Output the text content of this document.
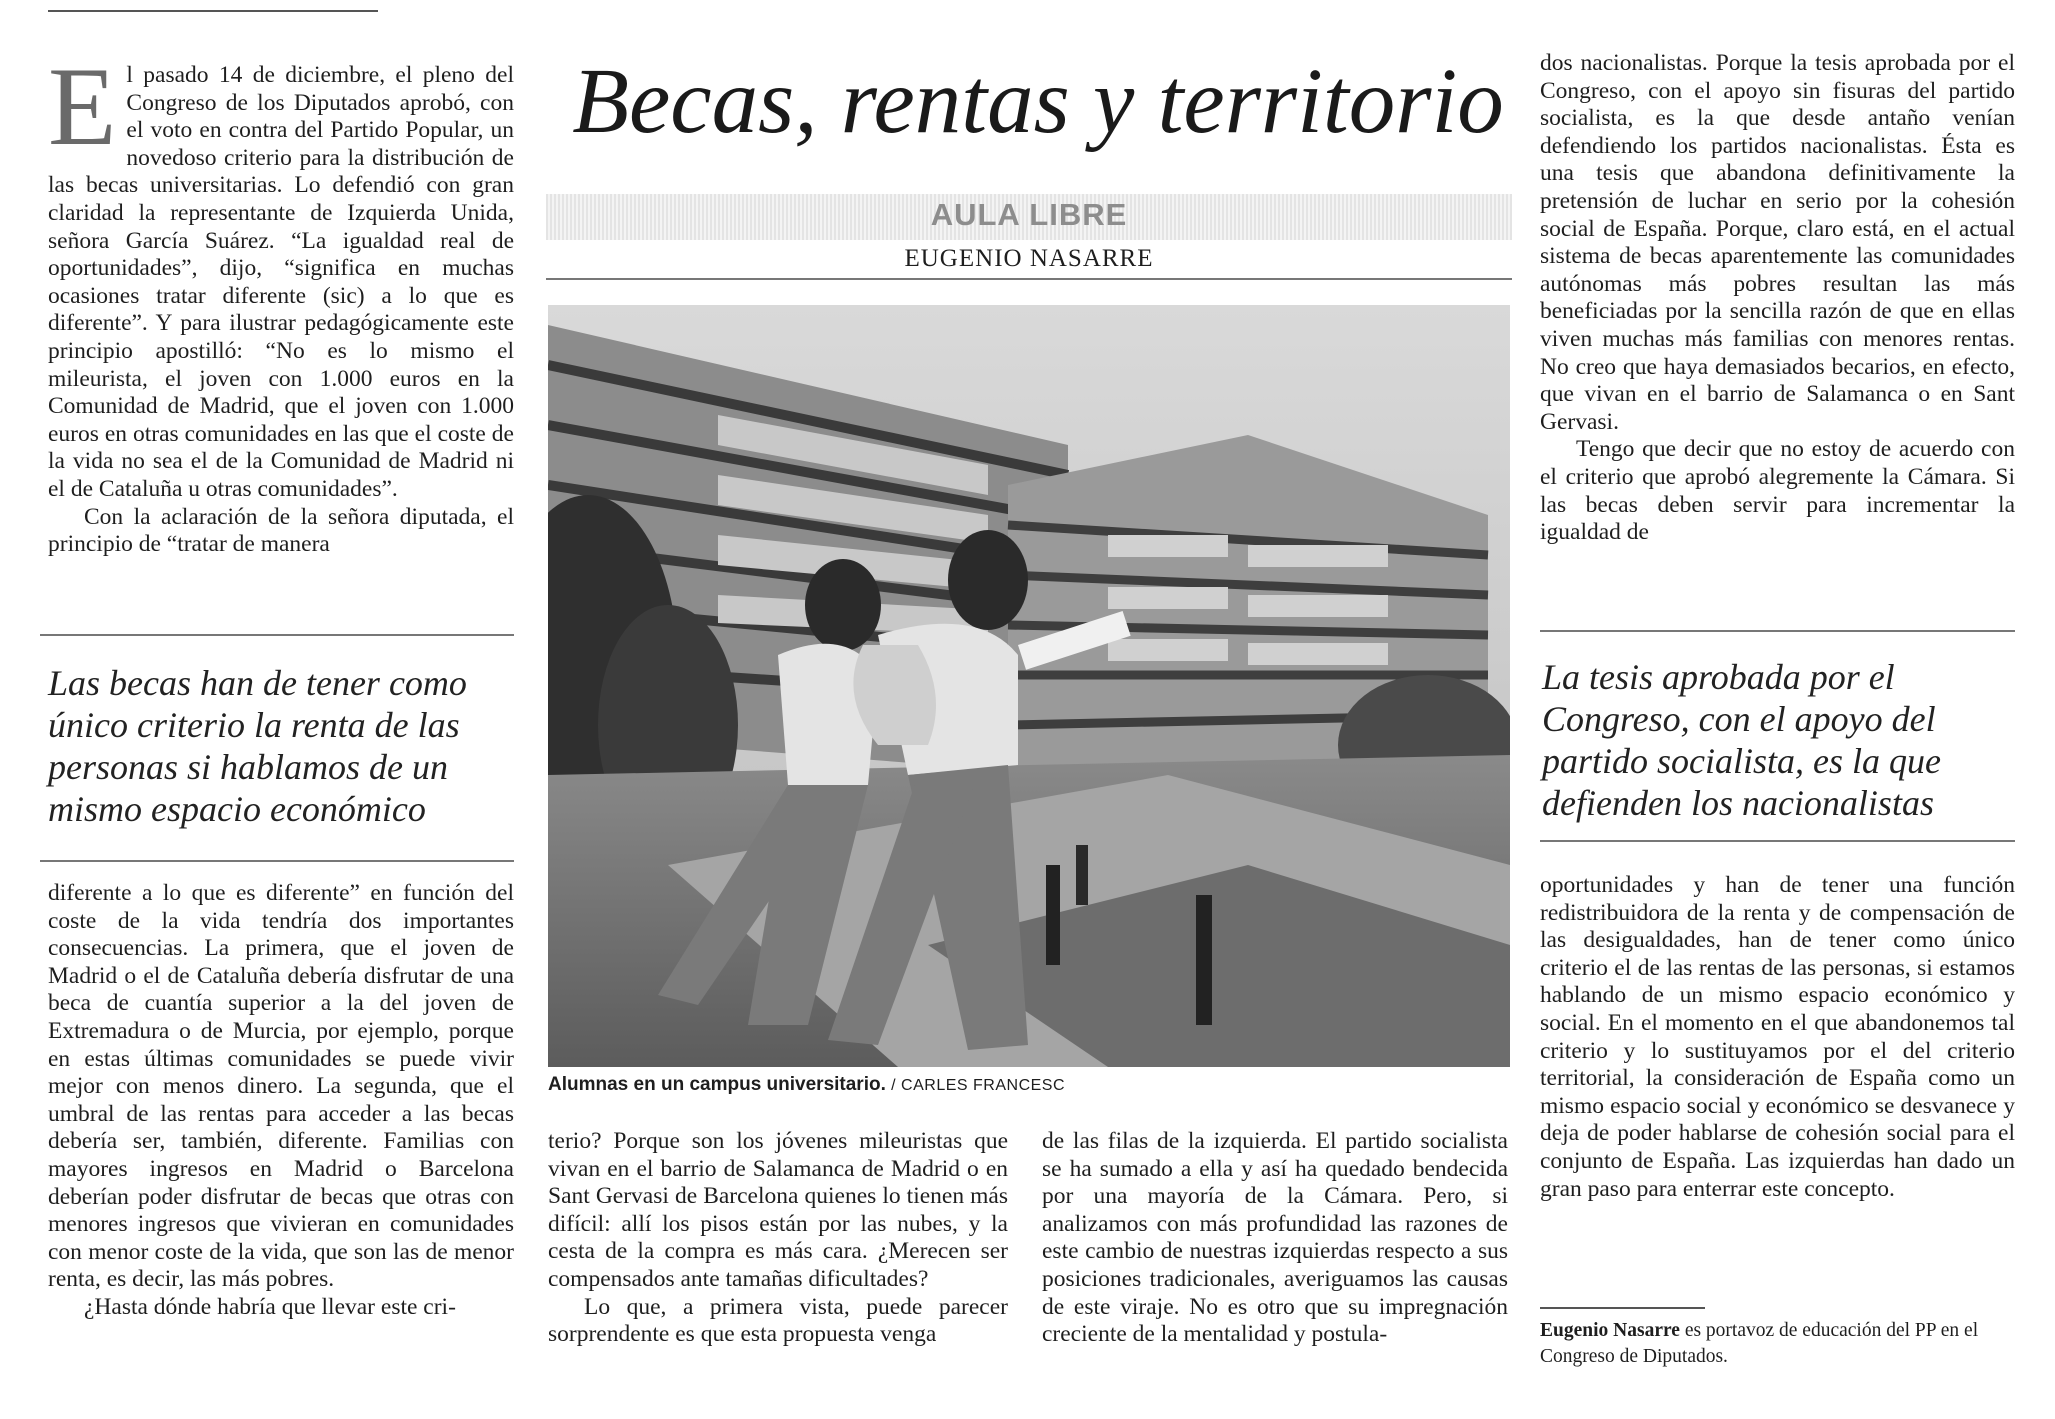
E l pasado 14 de diciembre, el pleno del Congreso de los Diputados aprobó, con el voto en contra del Partido Popular, un novedoso criterio para la distribución de las becas universitarias. Lo defendió con gran claridad la representante de Izquierda Unida, señora García Suárez. “La igualdad real de oportunidades”, dijo, “significa en muchas ocasiones tratar diferente (sic) a lo que es diferente”. Y para ilustrar pedagógicamente este principio apostilló: “No es lo mismo el mileurista, el joven con 1.000 euros en la Comunidad de Madrid, que el joven con 1.000 euros en otras comunidades en las que el coste de la vida no sea el de la Comunidad de Madrid ni el de Cataluña u otras comunidades”.

Con la aclaración de la señora diputada, el principio de “tratar de manera

Las becas han de tener como único criterio la renta de las personas si hablamos de un mismo espacio económico

diferente a lo que es diferente” en función del coste de la vida tendría dos importantes consecuencias. La primera, que el joven de Madrid o el de Cataluña debería disfrutar de una beca de cuantía superior a la del joven de Extremadura o de Murcia, por ejemplo, porque en estas últimas comunidades se puede vivir mejor con menos dinero. La segunda, que el umbral de las rentas para acceder a las becas debería ser, también, diferente. Familias con mayores ingresos en Madrid o Barcelona deberían poder disfrutar de becas que otras con menores ingresos que vivieran en comunidades con menor coste de la vida, que son las de menor renta, es decir, las más pobres.

¿Hasta dónde habría que llevar este cri-

Becas, rentas y territorio
AULA LIBRE
EUGENIO NASARRE
Alumnas en un campus universitario. / CARLES FRANCESC

terio? Porque son los jóvenes mileuristas que vivan en el barrio de Salamanca de Madrid o en Sant Gervasi de Barcelona quienes lo tienen más difícil: allí los pisos están por las nubes, y la cesta de la compra es más cara. ¿Merecen ser compensados ante tamañas dificultades?

Lo que, a primera vista, puede parecer sorprendente es que esta propuesta venga

de las filas de la izquierda. El partido socialista se ha sumado a ella y así ha quedado bendecida por una mayoría de la Cámara. Pero, si analizamos con más profundidad las razones de este cambio de nuestras izquierdas respecto a sus posiciones tradicionales, averiguamos las causas de este viraje. No es otro que su impregnación creciente de la mentalidad y postula-

dos nacionalistas. Porque la tesis aprobada por el Congreso, con el apoyo sin fisuras del partido socialista, es la que desde antaño venían defendiendo los partidos nacionalistas. Ésta es una tesis que abandona definitivamente la pretensión de luchar en serio por la cohesión social de España. Porque, claro está, en el actual sistema de becas aparentemente las comunidades autónomas más pobres resultan las más beneficiadas por la sencilla razón de que en ellas viven muchas más familias con menores rentas. No creo que haya demasiados becarios, en efecto, que vivan en el barrio de Salamanca o en Sant Gervasi.

Tengo que decir que no estoy de acuerdo con el criterio que aprobó alegremente la Cámara. Si las becas deben servir para incrementar la igualdad de

La tesis aprobada por el Congreso, con el apoyo del partido socialista, es la que defienden los nacionalistas

oportunidades y han de tener una función redistribuidora de la renta y de compensación de las desigualdades, han de tener como único criterio el de las rentas de las personas, si estamos hablando de un mismo espacio económico y social. En el momento en el que abandonemos tal criterio y lo sustituyamos por el del criterio territorial, la consideración de España como un mismo espacio social y económico se desvanece y deja de poder hablarse de cohesión social para el conjunto de España. Las izquierdas han dado un gran paso para enterrar este concepto.

Eugenio Nasarre es portavoz de educación del PP en el Congreso de Diputados.
